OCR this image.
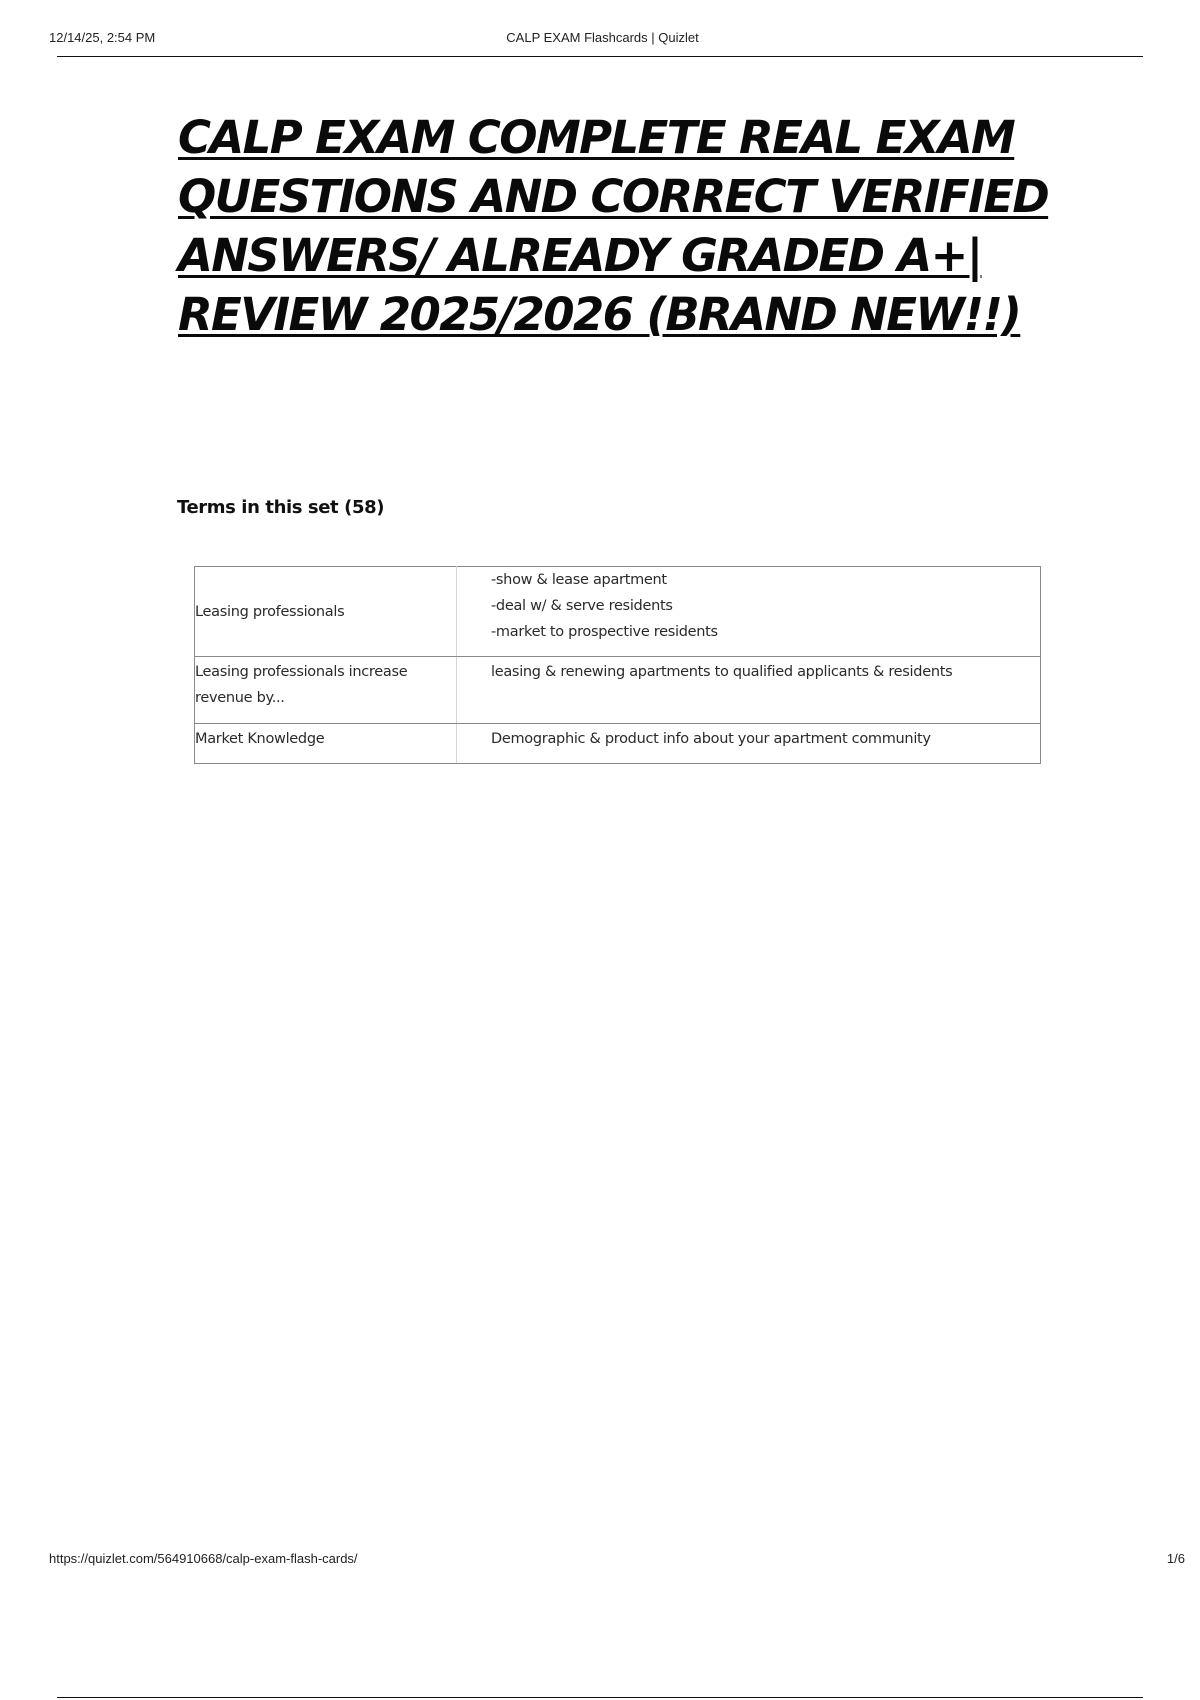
12/14/25, 2:54 PM	CALP EXAM Flashcards | Quizlet
CALP EXAM COMPLETE REAL EXAM QUESTIONS AND CORRECT VERIFIED ANSWERS/ ALREADY GRADED A+| REVIEW 2025/2026 (BRAND NEW!!)
Terms in this set (58)
Leasing professionals	-show & lease apartment
-deal w/ & serve residents
-market to prospective residents

Leasing professionals increase revenue by...	leasing & renewing apartments to qualified applicants & residents

Market Knowledge	Demographic & product info about your apartment community
https://quizlet.com/564910668/calp-exam-flash-cards/	1/6
